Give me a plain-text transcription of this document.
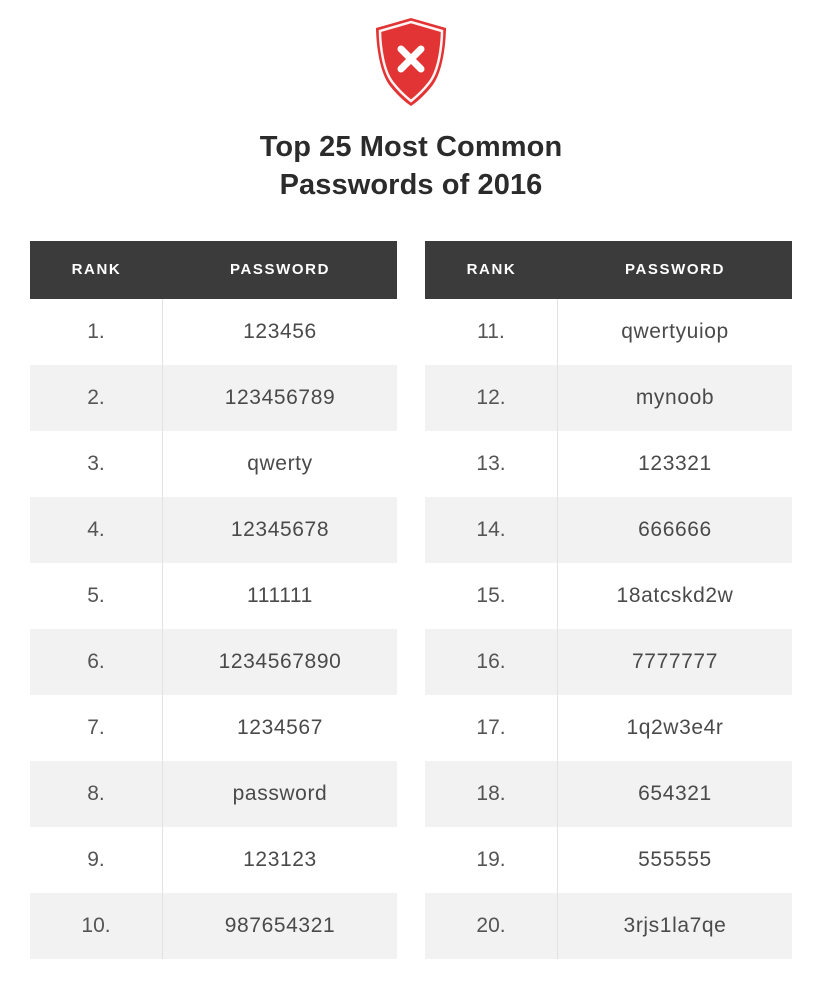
Top 25 Most Common
Passwords of 2016
RANK	PASSWORD
1.	123456
2.	123456789
3.	qwerty
4.	12345678
5.	111111
6.	1234567890
7.	1234567
8.	password
9.	123123
10.	987654321
RANK	PASSWORD
11.	qwertyuiop
12.	mynoob
13.	123321
14.	666666
15.	18atcskd2w
16.	7777777
17.	1q2w3e4r
18.	654321
19.	555555
20.	3rjs1la7qe
